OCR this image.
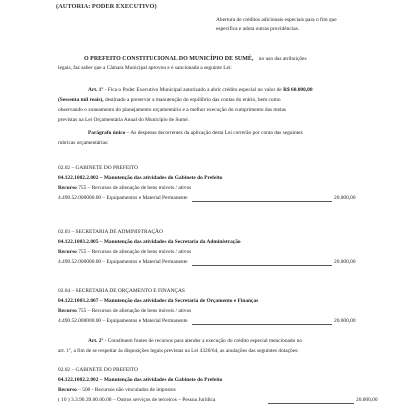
(AUTORIA: PODER EXECUTIVO)
Abertura de créditos adicionais especiais para o fim que
especifica e adota outras providências.
O PREFEITO CONSTITUCIONAL DO MUNICÍPIO DE SUMÉ, no uso das atribuições
legais, faz saber que a Câmara Municipal aprovou e é sancionada a seguinte Lei:
Art. 1º - Fica o Poder Executivo Municipal autorizado a abrir crédito especial no valor de R$ 60.000,00
(Sessenta mil reais), destinado a preservar a manutenção do equilíbrio das contas do erário, bem como
observando o zoneamento do planejamento orçamentário e a melhor execução do cumprimento das metas
previstas na Lei Orçamentária Anual do Município de Sumé.
Parágrafo único – As despesas decorrentes da aplicação desta Lei correrão por conta das seguintes
rubricas orçamentárias:
02.02 – GABINETE DO PREFEITO
04.122.1002.2.002 – Manutenção das atividades do Gabinete do Prefeito
Recurso 755 – Recursos de alienação de bens móveis / ativos
4.490.52.000000.00 – Equipamentos e Material Permanente	20.000,00
02.03 – SECRETARIA DE ADMINISTRAÇÃO
04.122.1003.2.005 – Manutenção das atividades da Secretaria da Administração
Recurso 755 – Recursos de alienação de bens móveis / ativos
4.490.52.000000.00 – Equipamentos e Material Permanente	20.000,00
02.04 – SECRETARIA DE ORÇAMENTO E FINANÇAS
04.122.1003.2.007 – Manutenção das atividades da Secretaria de Orçamento e Finanças
Recurso 755 – Recursos de alienação de bens móveis / ativos
4.490.52.000000.00 – Equipamentos e Material Permanente	20.000,00
Art. 2º - Constituem fontes de recursos para atender a execução do crédito especial mencionado no
art. 1º, a fim de se respeitar às disposições legais previstas na Lei 4320/64, as anulações das seguintes dotações:
02.02 – GABINETE DO PREFEITO
04.122.1002.2.002 – Manutenção das atividades do Gabinete do Prefeito
Recurso – 500 - Recursos não vinculados de impostos
( 10 ) 3.3.90.39.00.00.00 – Outros serviços de terceiros – Pessoa Jurídica	20.000,00
